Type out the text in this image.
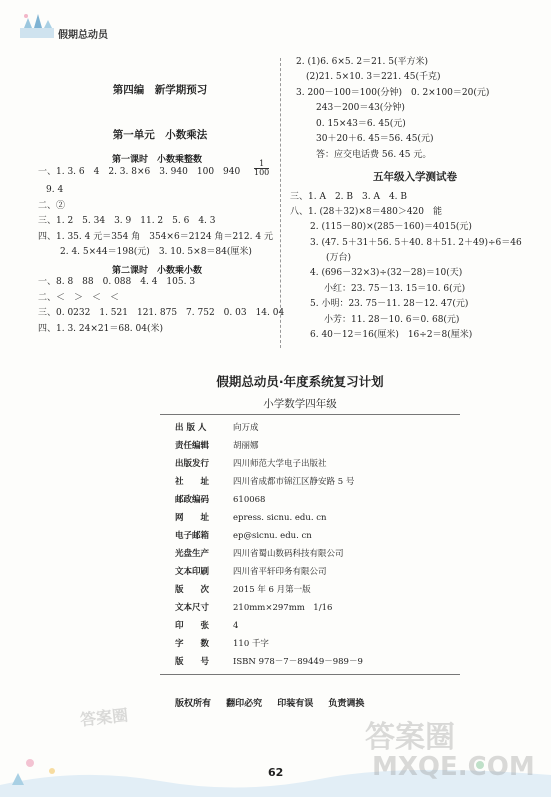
假期总动员
第四编　新学期预习
第一单元　小数乘法
第一课时　小数乘整数
一、1. 3. 6　4　2. 3. 8×6　3. 940　100　$940 \frac{1}{100}$
9. 4
二、②
三、1. 2　5. 34　3. 9　11. 2　5. 6　4. 3
四、1. 35. 4 元＝354 角　354×6＝2124 角＝212. 4 元
2. 4. 5×44＝198(元)　3. 10. 5×8＝84(厘米)
第二课时　小数乘小数
一、8. 8　88　0. 088　4. 4　105. 3
二、＜　＞　＜　＜
三、0. 0232　1. 521　121. 875　7. 752　0. 03　14. 04
四、1. 3. 24×21＝68. 04(米)
2. (1)6. 6×5. 2＝21. 5(平方米)
(2)21. 5×10. 3＝221. 45(千克)
3. 200－100＝100(分钟)　0. 2×100＝20(元)
243－200＝43(分钟)
0. 15×43＝6. 45(元)
30＋20＋6. 45＝56. 45(元)
答：应交电话费 56. 45 元。
五年级入学测试卷
三、1. A　2. B　3. A　4. B
八、1. (28＋32)×8＝480＞420　能
2. (115－80)×(285－160)＝4015(元)
3. (47. 5＋31＋56. 5＋40. 8＋51. 2＋49)÷6＝46
(万台)
4. (696－32×3)÷(32－28)＝10(天)
小红：23. 75－13. 15＝10. 6(元)
5. 小明：23. 75－11. 28－12. 47(元)
小芳：11. 28－10. 6＝0. 68(元)
6. 40－12＝16(厘米)　16÷2＝8(厘米)
假期总动员·年度系统复习计划
小学数学四年级
出 版 人	向万成
责任编辑	胡丽娜
出版发行	四川师范大学电子出版社
社　　址	四川省成都市锦江区静安路 5 号
邮政编码	610068
网　　址	epress. sicnu. edu. cn
电子邮箱	ep@sicnu. edu. cn
光盘生产	四川省蜀山数码科技有限公司
文本印刷	四川省平轩印务有限公司
版　　次	2015 年 6 月第一版
文本尺寸	210mm×297mm　1/16
印　　张	4
字　　数	110 千字
版　　号	ISBN 978－7－89449－989－9
答案圈
版权所有 翻印必究 印装有误 负责调换
62
答案圈
MXQE.COM
